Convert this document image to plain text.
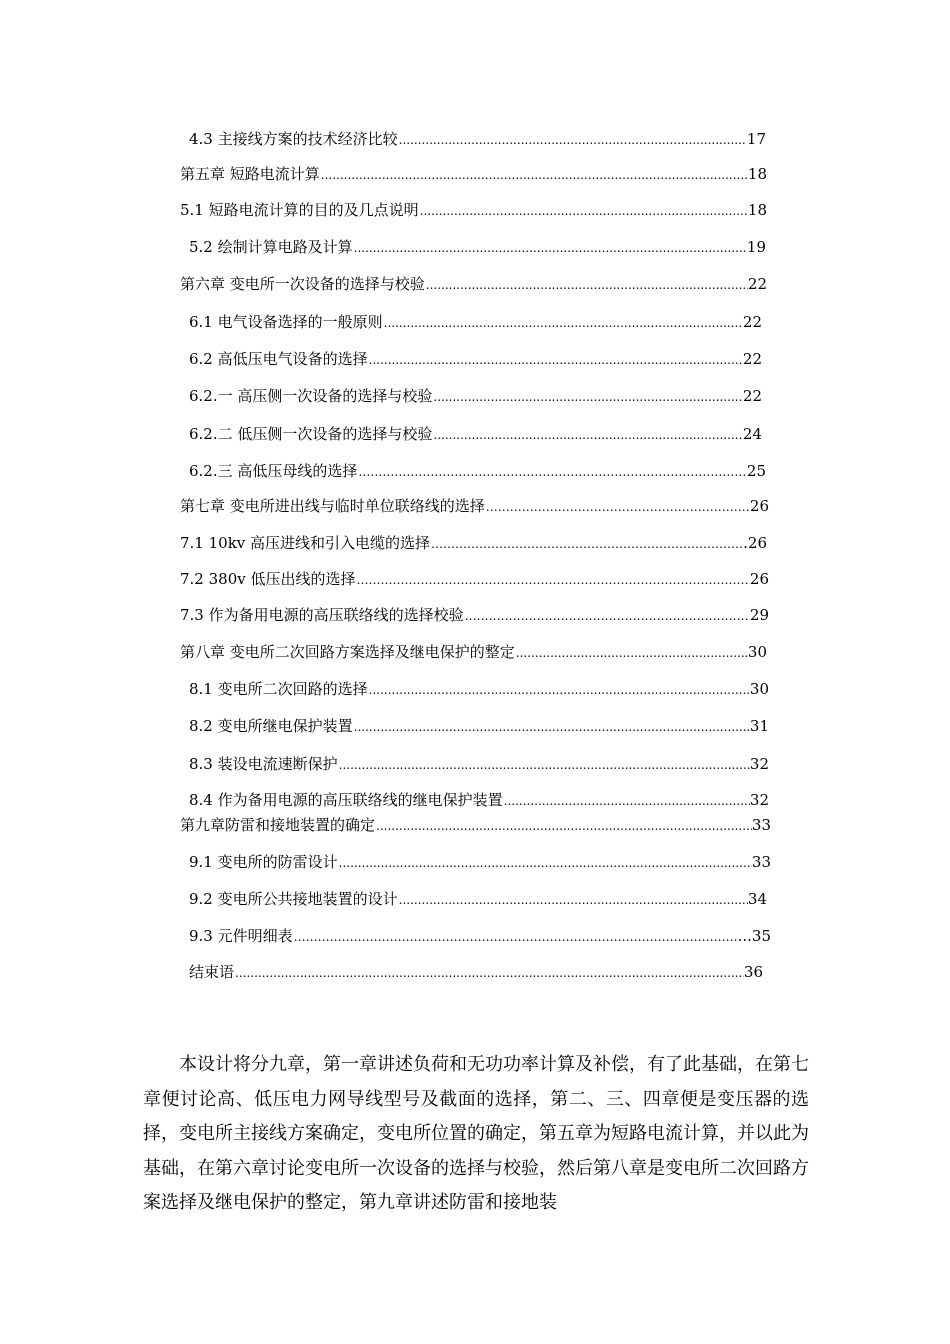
4.3 主接线方案的技术经济比较 .....	17
第五章 短路电流计算 .....	18
5.1 短路电流计算的目的及几点说明 .....	18
5.2 绘制计算电路及计算 .....	19
第六章 变电所一次设备的选择与校验 .....	22
6.1 电气设备选择的一般原则 .....	22
6.2 高低压电气设备的选择 .....	22
6.2.一 高压侧一次设备的选择与校验 .....	22
6.2.二 低压侧一次设备的选择与校验 .....	24
6.2.三 高低压母线的选择 ……………………………………………………………………………………………………………………………………………………	25
第七章 变电所进出线与临时单位联络线的选择 ……………………………………………………………………………………………………………………………………………………	26
7.1 10kv 高压进线和引入电缆的选择 ……………………………………………………………………………………………………………………………………………………	.26
7.2 380v 低压出线的选择 ……………………………………………………………………………………………………………………………………………………	26
7.3 作为备用电源的高压联络线的选择校验 ……………………………………………………………………………………………………………………………………………………	29
第八章 变电所二次回路方案选择及继电保护的整定 .....	30
8.1 变电所二次回路的选择 .....	30
8.2 变电所继电保护装置 .....	31
8.3 装设电流速断保护 .....	32
8.4 作为备用电源的高压联络线的继电保护装置 .....	32
第九章防雷和接地装置的确定 .....	33
9.1 变电所的防雷设计 .....	33
9.2 变电所公共接地装置的设计 .....	34
9.3 元件明细表 ……………………………………………………………………………………………………………………………………………………	...35
结束语 .....	36

本设计将分九章，第一章讲述负荷和无功功率计算及补偿，有了此基础，在第七章便讨论高、低压电力网导线型号及截面的选择，第二、三、四章便是变压器的选择，变电所主接线方案确定，变电所位置的确定，第五章为短路电流计算，并以此为基础，在第六章讨论变电所一次设备的选择与校验，然后第八章是变电所二次回路方案选择及继电保护的整定，第九章讲述防雷和接地装
